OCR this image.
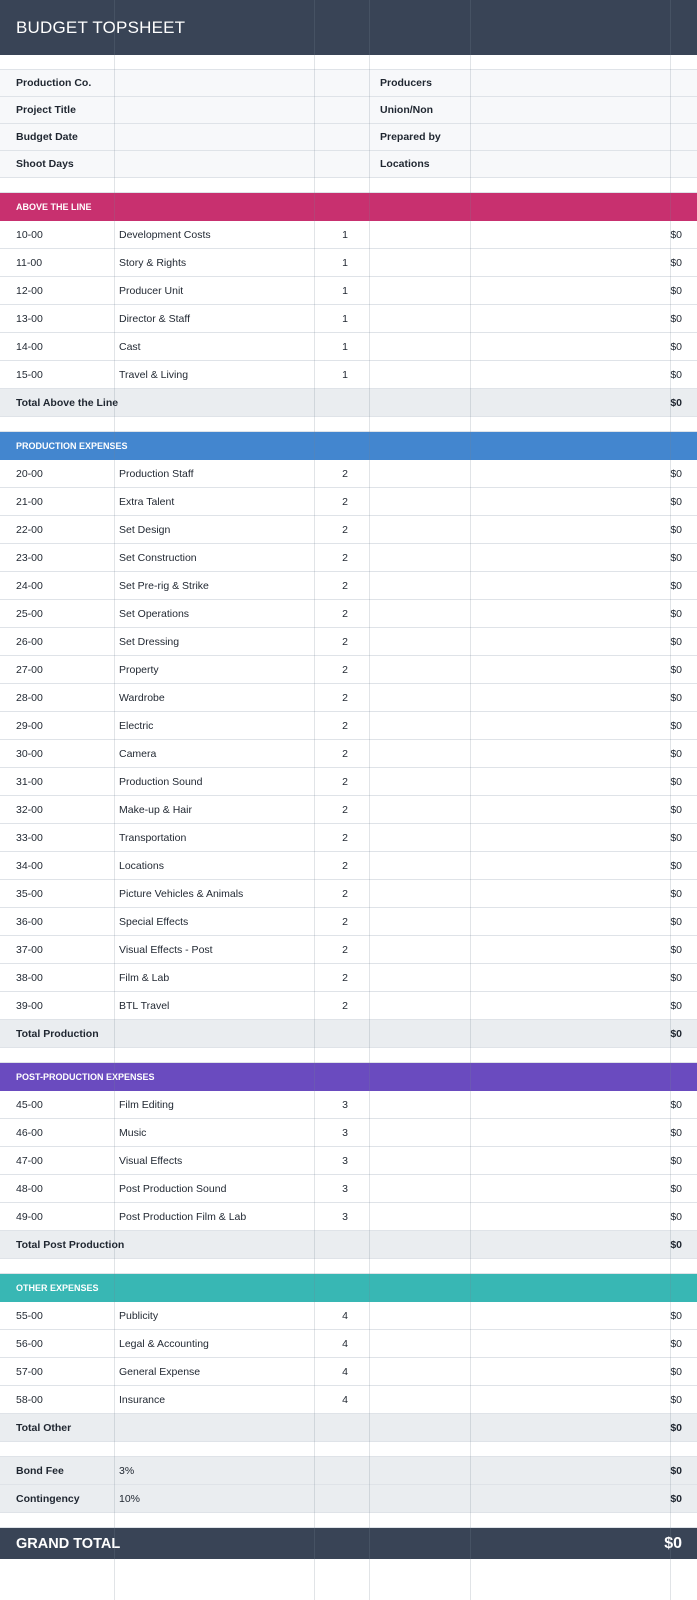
BUDGET TOPSHEET
Production Co.	Producers
Project Title	Union/Non
Budget Date	Prepared by
Shoot Days	Locations
ABOVE THE LINE
10-00	Development Costs	1	$0
11-00	Story & Rights	1	$0
12-00	Producer Unit	1	$0
13-00	Director & Staff	1	$0
14-00	Cast	1	$0
15-00	Travel & Living	1	$0
Total Above the Line	$0
PRODUCTION EXPENSES
20-00	Production Staff	2	$0
21-00	Extra Talent	2	$0
22-00	Set Design	2	$0
23-00	Set Construction	2	$0
24-00	Set Pre-rig & Strike	2	$0
25-00	Set Operations	2	$0
26-00	Set Dressing	2	$0
27-00	Property	2	$0
28-00	Wardrobe	2	$0
29-00	Electric	2	$0
30-00	Camera	2	$0
31-00	Production Sound	2	$0
32-00	Make-up & Hair	2	$0
33-00	Transportation	2	$0
34-00	Locations	2	$0
35-00	Picture Vehicles & Animals	2	$0
36-00	Special Effects	2	$0
37-00	Visual Effects - Post	2	$0
38-00	Film & Lab	2	$0
39-00	BTL Travel	2	$0
Total Production	$0
POST-PRODUCTION EXPENSES
45-00	Film Editing	3	$0
46-00	Music	3	$0
47-00	Visual Effects	3	$0
48-00	Post Production Sound	3	$0
49-00	Post Production Film & Lab	3	$0
Total Post Production	$0
OTHER EXPENSES
55-00	Publicity	4	$0
56-00	Legal & Accounting	4	$0
57-00	General Expense	4	$0
58-00	Insurance	4	$0
Total Other	$0
Bond Fee	3%	$0
Contingency	10%	$0
GRAND TOTAL	$0
